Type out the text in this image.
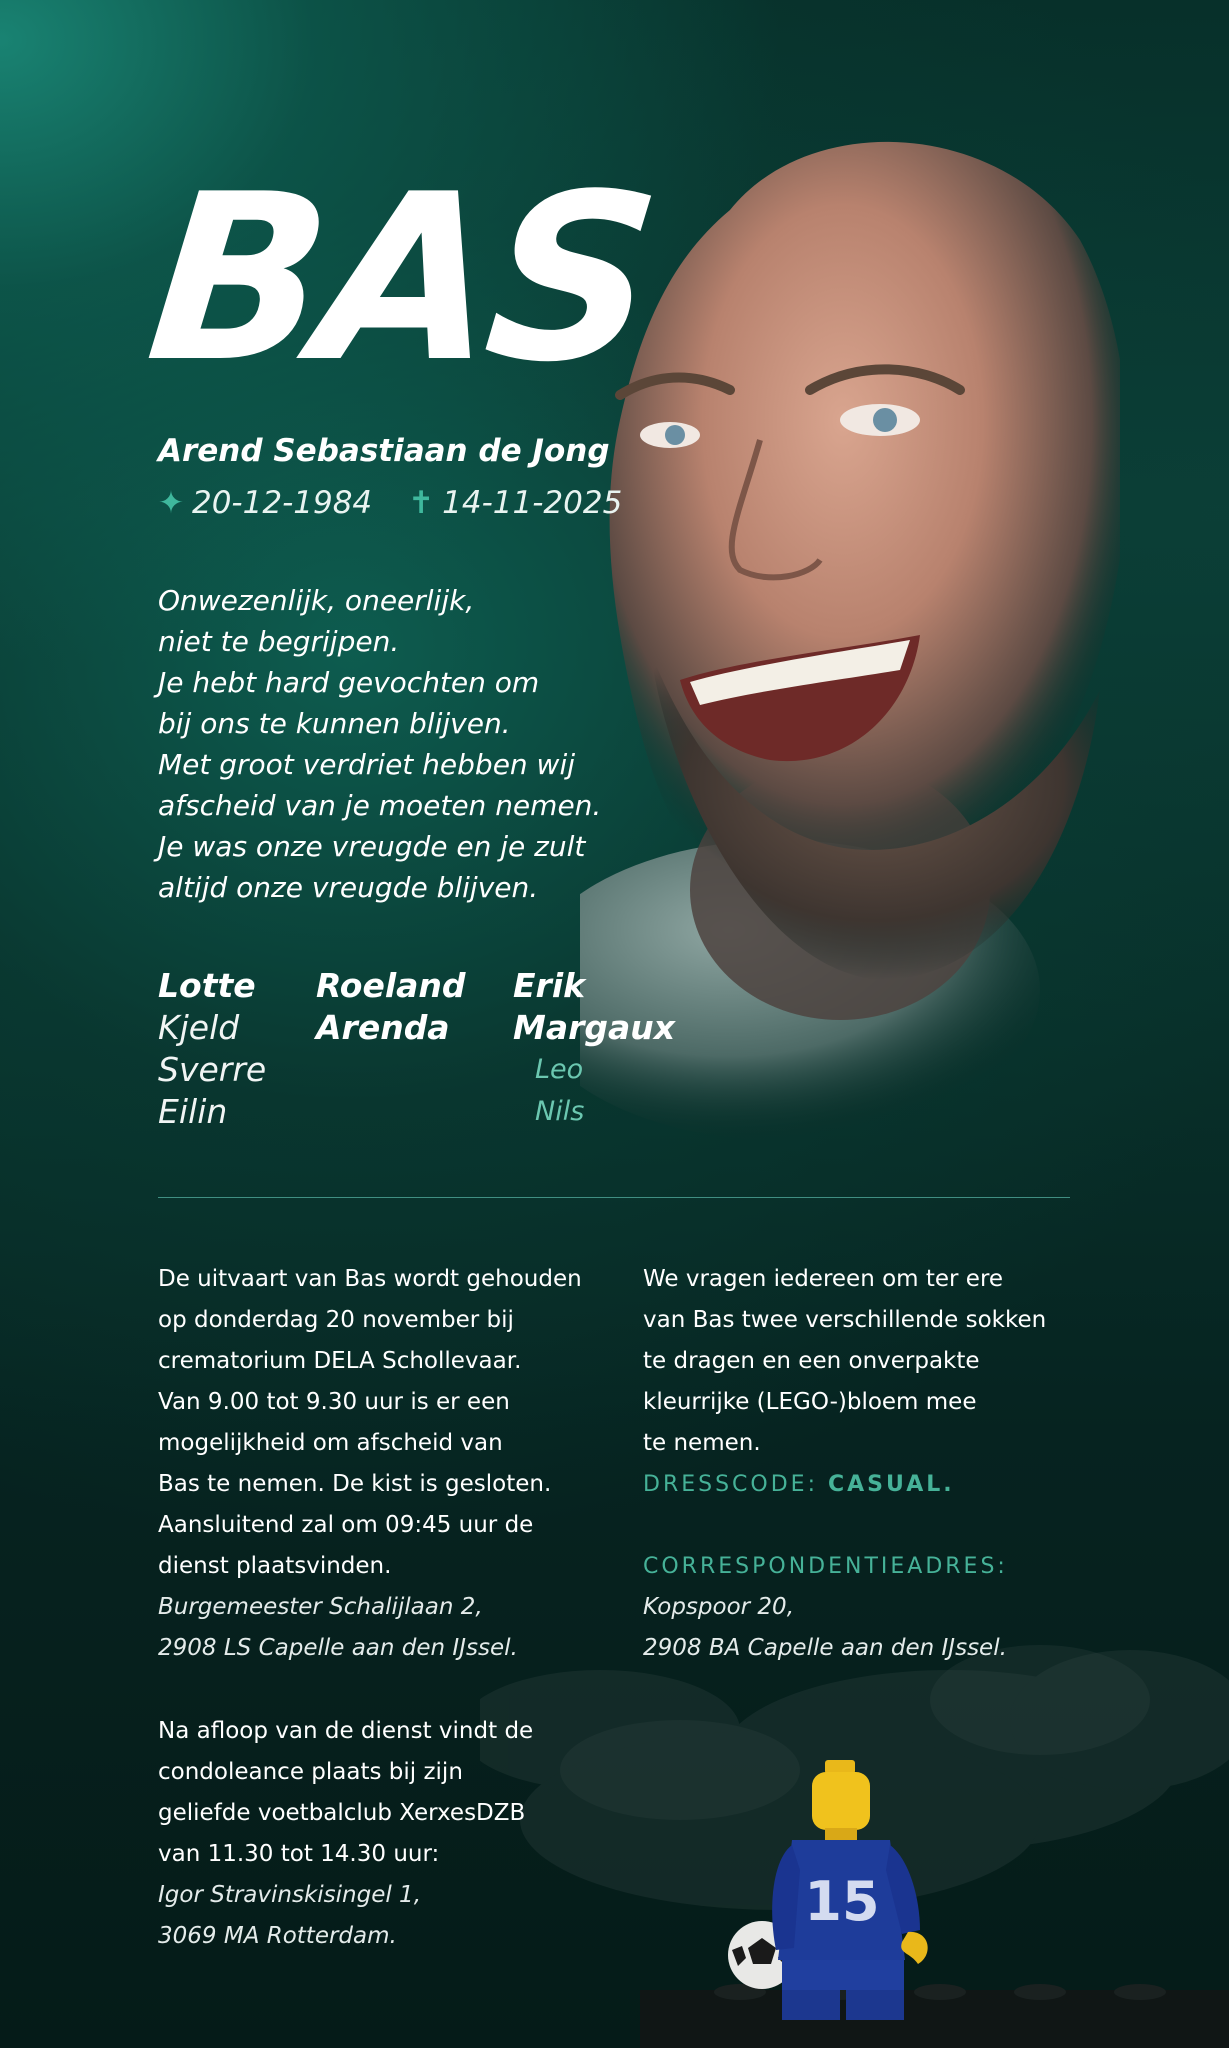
15
BAS
Arend Sebastiaan de Jong
✦ 20-12-1984 ✝ 14-11-2025
Onwezenlijk, oneerlijk,
niet te begrijpen.
Je hebt hard gevochten om
bij ons te kunnen blijven.
Met groot verdriet hebben wij
afscheid van je moeten nemen.
Je was onze vreugde en je zult
altijd onze vreugde blijven.
Lotte
Kjeld
Sverre
Eilin
Roeland
Arenda
Erik
Margaux
Leo
Nils
De uitvaart van Bas wordt gehouden
op donderdag 20 november bij
crematorium DELA Schollevaar.
Van 9.00 tot 9.30 uur is er een
mogelijkheid om afscheid van
Bas te nemen. De kist is gesloten.
Aansluitend zal om 09:45 uur de
dienst plaatsvinden.
Burgemeester Schalijlaan 2,
2908 LS Capelle aan den IJssel.
Na afloop van de dienst vindt de
condoleance plaats bij zijn
geliefde voetbalclub XerxesDZB
van 11.30 tot 14.30 uur:
Igor Stravinskisingel 1,
3069 MA Rotterdam.
We vragen iedereen om ter ere
van Bas twee verschillende sokken
te dragen en een onverpakte
kleurrijke (LEGO-)bloem mee
te nemen.
DRESSCODE: CASUAL.
CORRESPONDENTIEADRES:
Kopspoor 20,
2908 BA Capelle aan den IJssel.
